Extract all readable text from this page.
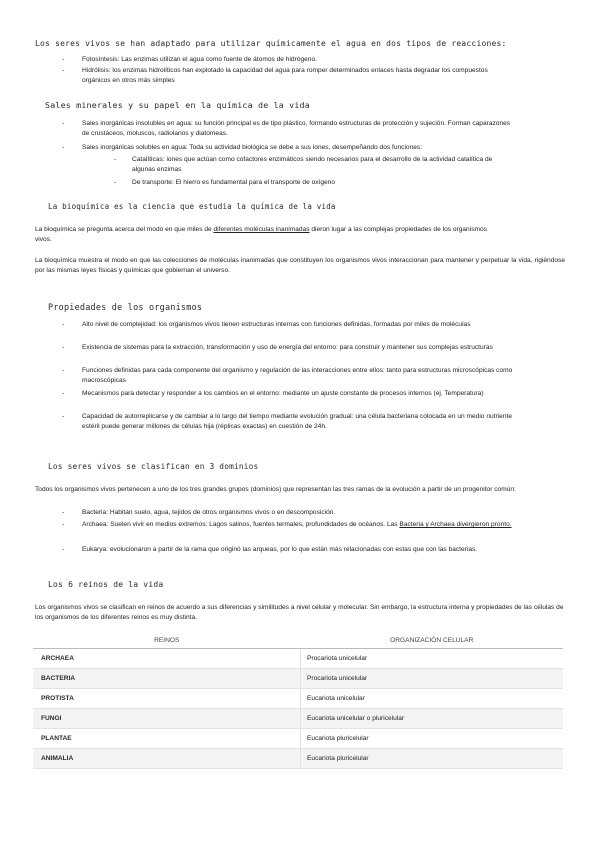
Los seres vivos se han adaptado para utilizar químicamente el agua en dos tipos de reacciones:
-	Fotosíntesis: Las enzimas utilizan el agua como fuente de átomos de hidrógeno.
-	Hidrólisis: los enzimas hidrolíticos han explotado la capacidad del agua para romper determinados enlaces hasta degradar los compuestos orgánicos en otros más simples
Sales minerales y su papel en la química de la vida
-	Sales inorgánicas insolubles en agua: su función principal es de tipo plástico, formando estructuras de protección y sujeción. Forman caparazones de crustáceos, moluscos, radiolarios y diatomeas.
-	Sales inorgánicas solubles en agua: Toda su actividad biológica se debe a sus iones, desempeñando dos funciones:
- Catalíticas: iones que actúan como cofactores enzimáticos siendo necesarios para el desarrollo de la actividad catalítica de algunas enzimas
- De transporte: El hierro es fundamental para el transporte de oxígeno
La bioquímica es la ciencia que estudia la química de la vida
La bioquímica se pregunta acerca del modo en que miles de diferentes moléculas inanimadas dieron lugar a las complejas propiedades de los organismos vivos.
La bioquímica muestra el modo en que las colecciones de moléculas inanimadas que constituyen los organismos vivos interaccionan para mantener y perpetuar la vida, rigiéndose por las mismas leyes físicas y químicas que gobiernan el universo.
Propiedades de los organismos
-	Alto nivel de complejidad: los organismos vivos tienen estructuras internas con funciones definidas, formadas por miles de moléculas
-	Existencia de sistemas para la extracción, transformación y uso de energía del entorno: para construir y mantener sus complejas estructuras
-	Funciones definidas para cada componente del organismo y regulación de las interacciones entre ellos: tanto para estructuras microscópicas como macroscópicas
-	Mecanismos para detectar y responder a los cambios en el entorno: mediante un ajuste constante de procesos internos (ej. Temperatura)
-	Capacidad de autorreplicarse y de cambiar a lo largo del tiempo mediante evolución gradual: una célula bacteriana colocada en un medio nutriente estéril puede generar millones de células hija (réplicas exactas) en cuestión de 24h.
Los seres vivos se clasifican en 3 dominios
Todos los organismos vivos pertenecen a uno de los tres grandes grupos (dominios) que representan las tres ramas de la evolución a partir de un progenitor común:
-	Bacteria: Habitan suelo, agua, tejidos de otros organismos vivos o en descomposición.
-	Archaea: Suelen vivir en medios extremos: Lagos salinos, fuentes termales, profundidades de océanos. Las Bacteria y Archaea divergieron pronto.
-	Eukarya: evolucionaron a partir de la rama que originó las arqueas, por lo que están más relacionadas con estas que con las bacterias.
Los 6 reinos de la vida
Los organismos vivos se clasifican en reinos de acuerdo a sus diferencias y similitudes a nivel celular y molecular. Sin embargo, la estructura interna y propiedades de las células de los organismos de los diferentes reinos es muy distinta.
REINOS	ORGANIZACIÓN CELULAR
ARCHAEA	Procariota unicelular
BACTERIA	Procariota unicelular
PROTISTA	Eucariota unicelular
FUNGI	Eucariota unicelular o pluricelular
PLANTAE	Eucariota pluricelular
ANIMALIA	Eucariota pluricelular
